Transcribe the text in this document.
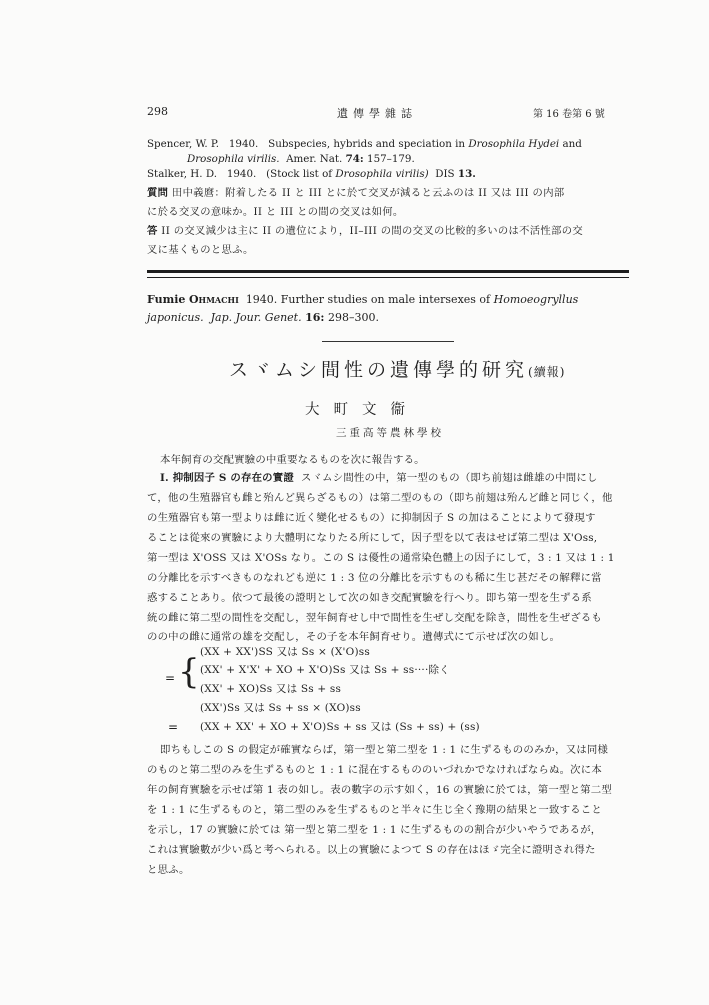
298	遺傳學雜誌	第 16 卷第 6 號
Spencer, W. P. 1940. Subspecies, hybrids and speciation in Drosophila Hydei and
Drosophila virilis. Amer. Nat. 74: 157–179.
Stalker, H. D. 1940. (Stock list of Drosophila virilis) DIS 13.
質問 田中義麿：附着したる II と III とに於て交叉が減ると云ふのは II 又は III の内部
に於る交叉の意味か。II と III との間の交叉は如何。
答 II の交叉減少は主に II の遺位により，II–III の間の交叉の比較的多いのは不活性部の交
叉に基くものと思ふ。
Fumie Ohmachi 1940. Further studies on male intersexes of Homoeogryllus
japonicus. Jap. Jour. Genet. 16: 298–300.
スヾムシ間性の遺傳學的研究(續報)
大町文衞
三重高等農林學校
本年飼育の交配實驗の中重要なるものを次に報告する。
I. 抑制因子 S の存在の實證 スヾムシ間性の中，第一型のもの（即ち前翅は雌雄の中間にし
て，他の生殖器官も雌と殆んど異らざるもの）は第二型のもの（即ち前翅は殆んど雌と同じく，他
の生殖器官も第一型よりは雌に近く變化せるもの）に抑制因子 S の加はることによりて發現す
ることは從來の實驗により大體明になりたる所にして，因子型を以て表はせば第二型は X'Oss,
第一型は X'OSS 又は X'OSs なり。この S は優性の通常染色體上の因子にして，3 : 1 又は 1 : 1
の分離比を示すべきものなれども逆に 1 : 3 位の分離比を示すものも稀に生じ甚だその解釋に當
惑することあり。依つて最後の證明として次の如き交配實驗を行へり。即ち第一型を生ずる系
統の雌に第二型の間性を交配し，翌年飼育せし中で間性を生ぜし交配を除き，間性を生ぜざるも
のの中の雌に通常の雄を交配し，その子を本年飼育せり。遺傳式にて示せば次の如し。
(XX + XX')SS 又は Ss × (X'O)ss
{
=
(XX' + X'X' + XO + X'O)Ss 又は Ss + ss····除く
(XX' + XO)Ss 又は Ss + ss
(XX')Ss 又は Ss + ss × (XO)ss
= (XX + XX' + XO + X'O)Ss + ss 又は (Ss + ss) + (ss)
即ちもしこの S の假定が確實ならば，第一型と第二型を 1 : 1 に生ずるもののみか，又は同様
のものと第二型のみを生ずるものと 1 : 1 に混在するもののいづれかでなければならぬ。次に本
年の飼育實驗を示せば第 1 表の如し。表の數字の示す如く，16 の實驗に於ては，第一型と第二型
を 1 : 1 に生ずるものと，第二型のみを生ずるものと半々に生じ全く豫期の結果と一致すること
を示し，17 の實驗に於ては 第一型と第二型を 1 : 1 に生ずるものの割合が少いやうであるが，
これは實驗數が少い爲と考へられる。以上の實驗によつて S の存在はほゞ完全に證明され得た
と思ふ。
